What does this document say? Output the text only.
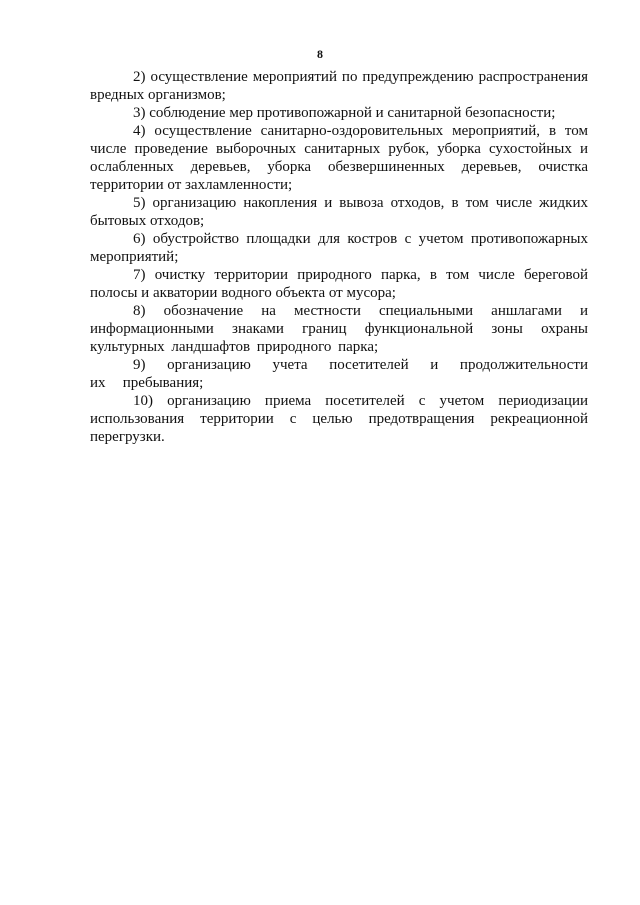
8

2) осуществление мероприятий по предупреждению распространения вредных организмов;

3) соблюдение мер противопожарной и санитарной безопасности;

4) осуществление санитарно-оздоровительных мероприятий, в том числе проведение выборочных санитарных рубок, уборка сухостойных и ослабленных деревьев, уборка обезвершиненных деревьев, очистка территории от захламленности;

5) организацию накопления и вывоза отходов, в том числе жидких бытовых отходов;

6) обустройство площадки для костров с учетом противопожарных мероприятий;

7) очистку территории природного парка, в том числе береговой полосы и акватории водного объекта от мусора;

8) обозначение на местности специальными аншлагами и информационными знаками границ функциональной зоны охраны культурных ландшафтов природного парка;

9) организацию учета посетителей и продолжительности их пребывания;

10) организацию приема посетителей с учетом периодизации использования территории с целью предотвращения рекреационной перегрузки.
